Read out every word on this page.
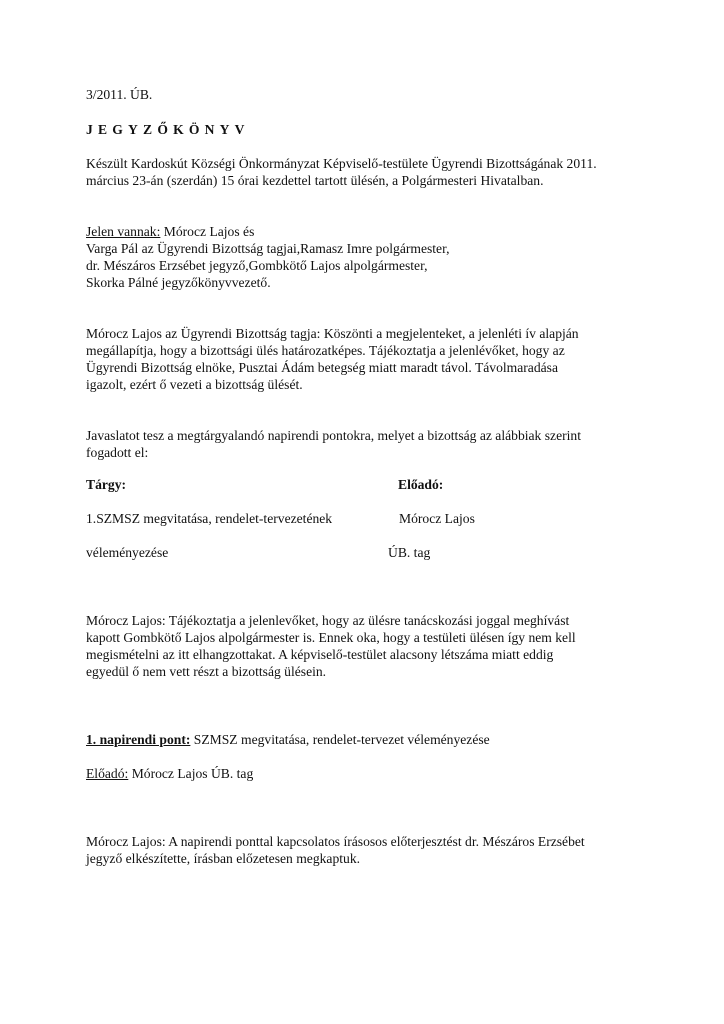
3/2011. ÚB.

JEGYZŐKÖNYV

Készült Kardoskút Községi Önkormányzat Képviselő-testülete Ügyrendi Bizottságának 2011.
március 23-án (szerdán) 15 órai kezdettel tartott ülésén, a Polgármesteri Hivatalban.

Jelen vannak: Mórocz Lajos és
Varga Pál az Ügyrendi Bizottság tagjai,Ramasz Imre polgármester,
dr. Mészáros Erzsébet jegyző,Gombkötő Lajos alpolgármester,
Skorka Pálné jegyzőkönyvvezető.

Mórocz Lajos az Ügyrendi Bizottság tagja: Köszönti a megjelenteket, a jelenléti ív alapján
megállapítja, hogy a bizottsági ülés határozatképes. Tájékoztatja a jelenlévőket, hogy az
Ügyrendi Bizottság elnöke, Pusztai Ádám betegség miatt maradt távol. Távolmaradása
igazolt, ezért ő vezeti a bizottság ülését.

Javaslatot tesz a megtárgyalandó napirendi pontokra, melyet a bizottság az alábbiak szerint
fogadott el:

Tárgy:	Előadó:
1.SZMSZ megvitatása, rendelet-tervezetének	Mórocz Lajos
véleményezése	ÚB. tag

Mórocz Lajos: Tájékoztatja a jelenlevőket, hogy az ülésre tanácskozási joggal meghívást
kapott Gombkötő Lajos alpolgármester is. Ennek oka, hogy a testületi ülésen így nem kell
megismételni az itt elhangzottakat. A képviselő-testület alacsony létszáma miatt eddig
egyedül ő nem vett részt a bizottság ülésein.

1. napirendi pont: SZMSZ megvitatása, rendelet-tervezet véleményezése

Előadó: Mórocz Lajos ÚB. tag

Mórocz Lajos: A napirendi ponttal kapcsolatos írásosos előterjesztést dr. Mészáros Erzsébet
jegyző elkészítette, írásban előzetesen megkaptuk.
